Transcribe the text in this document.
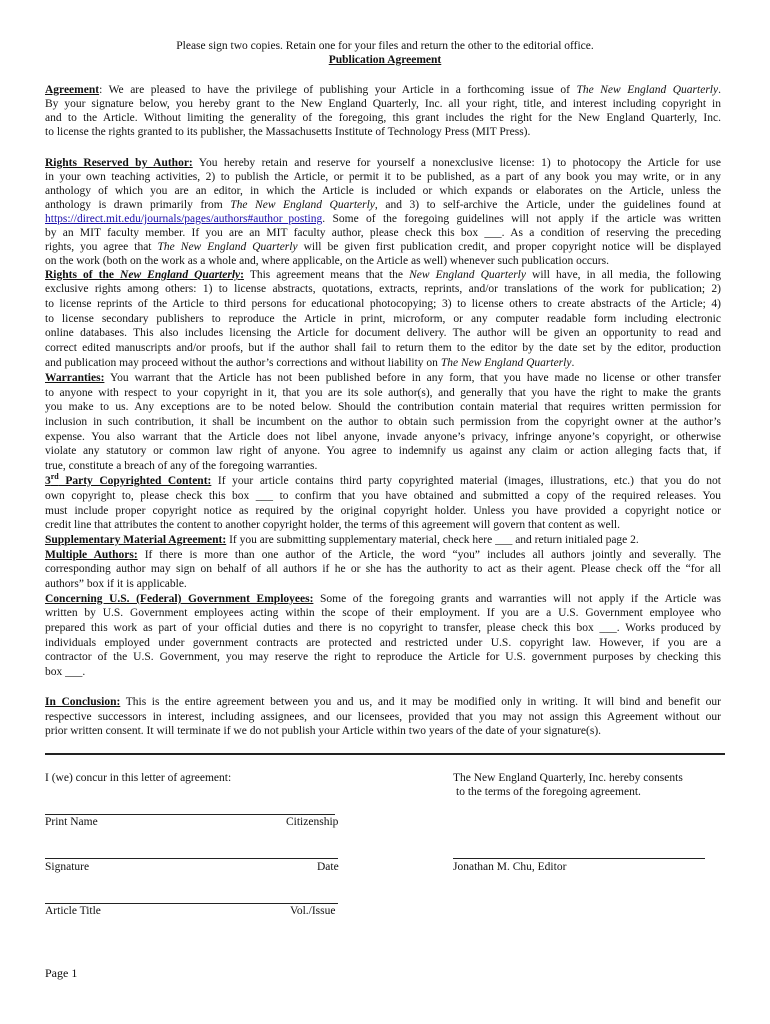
Please sign two copies. Retain one for your files and return the other to the editorial office.
Publication Agreement
Agreement: We are pleased to have the privilege of publishing your Article in a forthcoming issue of The New England Quarterly.
By your signature below, you hereby grant to the New England Quarterly, Inc. all your right, title, and interest including copyright in
and to the Article. Without limiting the generality of the foregoing, this grant includes the right for the New England Quarterly, Inc.
to license the rights granted to its publisher, the Massachusetts Institute of Technology Press (MIT Press).
Rights Reserved by Author: You hereby retain and reserve for yourself a nonexclusive license: 1) to photocopy the Article for use
in your own teaching activities, 2) to publish the Article, or permit it to be published, as a part of any book you may write, or in any
anthology of which you are an editor, in which the Article is included or which expands or elaborates on the Article, unless the
anthology is drawn primarily from The New England Quarterly, and 3) to self-archive the Article, under the guidelines found at
https://direct.mit.edu/journals/pages/authors#author_posting. Some of the foregoing guidelines will not apply if the article was written
by an MIT faculty member. If you are an MIT faculty author, please check this box ___. As a condition of reserving the preceding
rights, you agree that The New England Quarterly will be given first publication credit, and proper copyright notice will be displayed
on the work (both on the work as a whole and, where applicable, on the Article as well) whenever such publication occurs.
Rights of the New England Quarterly: This agreement means that the New England Quarterly will have, in all media, the following
exclusive rights among others: 1) to license abstracts, quotations, extracts, reprints, and/or translations of the work for publication; 2)
to license reprints of the Article to third persons for educational photocopying; 3) to license others to create abstracts of the Article; 4)
to license secondary publishers to reproduce the Article in print, microform, or any computer readable form including electronic
online databases. This also includes licensing the Article for document delivery. The author will be given an opportunity to read and
correct edited manuscripts and/or proofs, but if the author shall fail to return them to the editor by the date set by the editor, production
and publication may proceed without the author’s corrections and without liability on The New England Quarterly.
Warranties: You warrant that the Article has not been published before in any form, that you have made no license or other transfer
to anyone with respect to your copyright in it, that you are its sole author(s), and generally that you have the right to make the grants
you make to us. Any exceptions are to be noted below. Should the contribution contain material that requires written permission for
inclusion in such contribution, it shall be incumbent on the author to obtain such permission from the copyright owner at the author’s
expense. You also warrant that the Article does not libel anyone, invade anyone’s privacy, infringe anyone’s copyright, or otherwise
violate any statutory or common law right of anyone. You agree to indemnify us against any claim or action alleging facts that, if
true, constitute a breach of any of the foregoing warranties.
3rd Party Copyrighted Content: If your article contains third party copyrighted material (images, illustrations, etc.) that you do not
own copyright to, please check this box ___ to confirm that you have obtained and submitted a copy of the required releases. You
must include proper copyright notice as required by the original copyright holder. Unless you have provided a copyright notice or
credit line that attributes the content to another copyright holder, the terms of this agreement will govern that content as well.
Supplementary Material Agreement: If you are submitting supplementary material, check here ___ and return initialed page 2.
Multiple Authors: If there is more than one author of the Article, the word “you” includes all authors jointly and severally. The
corresponding author may sign on behalf of all authors if he or she has the authority to act as their agent. Please check off the “for all
authors” box if it is applicable.
Concerning U.S. (Federal) Government Employees: Some of the foregoing grants and warranties will not apply if the Article was
written by U.S. Government employees acting within the scope of their employment. If you are a U.S. Government employee who
prepared this work as part of your official duties and there is no copyright to transfer, please check this box ___. Works produced by
individuals employed under government contracts are protected and restricted under U.S. copyright law. However, if you are a
contractor of the U.S. Government, you may reserve the right to reproduce the Article for U.S. government purposes by checking this
box ___.
In Conclusion: This is the entire agreement between you and us, and it may be modified only in writing. It will bind and benefit our
respective successors in interest, including assignees, and our licensees, provided that you may not assign this Agreement without our
prior written consent. It will terminate if we do not publish your Article within two years of the date of your signature(s).
I (we) concur in this letter of agreement:	The New England Quarterly, Inc. hereby consents
to the terms of the foregoing agreement.
Print Name	Citizenship
Signature	Date	Jonathan M. Chu, Editor
Article Title	Vol./Issue
Page 1
